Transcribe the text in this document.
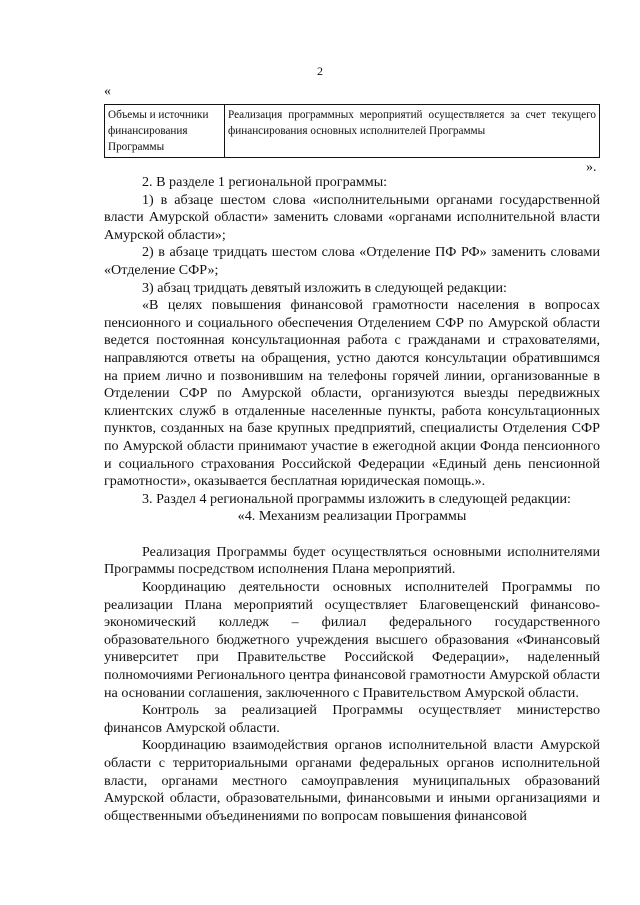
2
«
Объемы и источники финансирования Программы	Реализация программных мероприятий осуществляется за счет текущего финансирования основных исполнителей Программы
».

2. В разделе 1 региональной программы:

1) в абзаце шестом слова «исполнительными органами государственной власти Амурской области» заменить словами «органами исполнительной власти Амурской области»;

2) в абзаце тридцать шестом слова «Отделение ПФ РФ» заменить словами «Отделение СФР»;

3) абзац тридцать девятый изложить в следующей редакции:

«В целях повышения финансовой грамотности населения в вопросах пенсионного и социального обеспечения Отделением СФР по Амурской области ведется постоянная консультационная работа с гражданами и страхователями, направляются ответы на обращения, устно даются консультации обратившимся на прием лично и позвонившим на телефоны горячей линии, организованные в Отделении СФР по Амурской области, организуются выезды передвижных клиентских служб в отдаленные населенные пункты, работа консультационных пунктов, созданных на базе крупных предприятий, специалисты Отделения СФР по Амурской области принимают участие в ежегодной акции Фонда пенсионного и социального страхования Российской Федерации «Единый день пенсионной грамотности», оказывается бесплатная юридическая помощь.».

3. Раздел 4 региональной программы изложить в следующей редакции:

«4. Механизм реализации Программы

Реализация Программы будет осуществляться основными исполнителями Программы посредством исполнения Плана мероприятий.

Координацию деятельности основных исполнителей Программы по реализации Плана мероприятий осуществляет Благовещенский финансово-экономический колледж – филиал федерального государственного образовательного бюджетного учреждения высшего образования «Финансовый университет при Правительстве Российской Федерации», наделенный полномочиями Регионального центра финансовой грамотности Амурской области на основании соглашения, заключенного с Правительством Амурской области.

Контроль за реализацией Программы осуществляет министерство финансов Амурской области.

Координацию взаимодействия органов исполнительной власти Амурской области с территориальными органами федеральных органов исполнительной власти, органами местного самоуправления муниципальных образований Амурской области, образовательными, финансовыми и иными организациями и общественными объединениями по вопросам повышения финансовой
